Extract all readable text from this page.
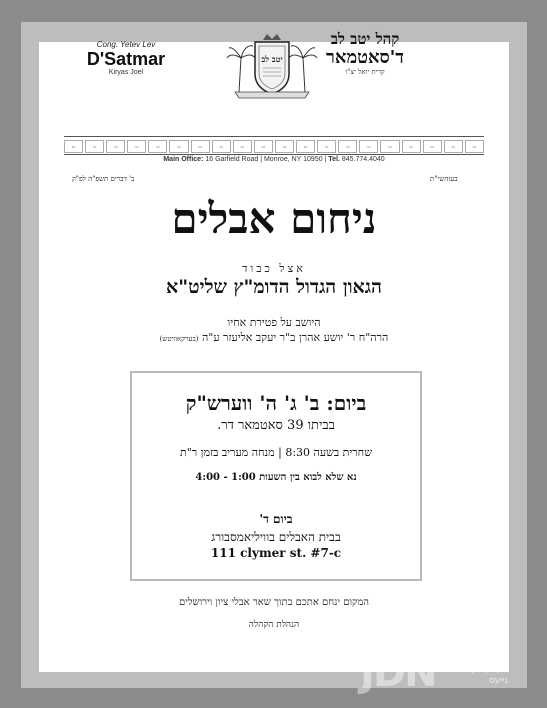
Cong. Yetev Lev
D'Satmar
Kiryas Joel
יטב לב
קהל יטב לב
ד'סאטמאר
קרית יואל יצ"ו
▭	▭	▭	▭	▭	▭	▭	▭	▭	▭	▭	▭	▭	▭	▭	▭	▭	▭	▭	▭
Main Office: 16 Garfield Road | Monroe, NY 10950 | Tel. 845.774.4040
ב' דברים תשפ"ה לפ"ק	בעזהשי"ת
ניחום אבלים
אצל כבוד
הגאון הגדול הדומ"ץ שליט"א
היושב על פטירת אחיו
הרה"ח ר' יושע אהרן ב"ר יעקב אליעזר ע"ה (בערקאוויטש)
ביום: ב' ג' ה' ווערש"ק
בביתו 39 סאטמאר דר.
שחרית בשעה 8:30 | מנחה מעריב בזמן ר"ת
נא שלא לבוא בין השעות 1:00 - 4:00
ביום ד'
בבית האבלים בוויליאמסבורג
111 clymer st. #7-c
המקום ינחם אתכם בתוך שאר אבלי ציון וירושלים
הנהלת הקהלה
JDN	אידיש
טעלעפאן
נייעס
